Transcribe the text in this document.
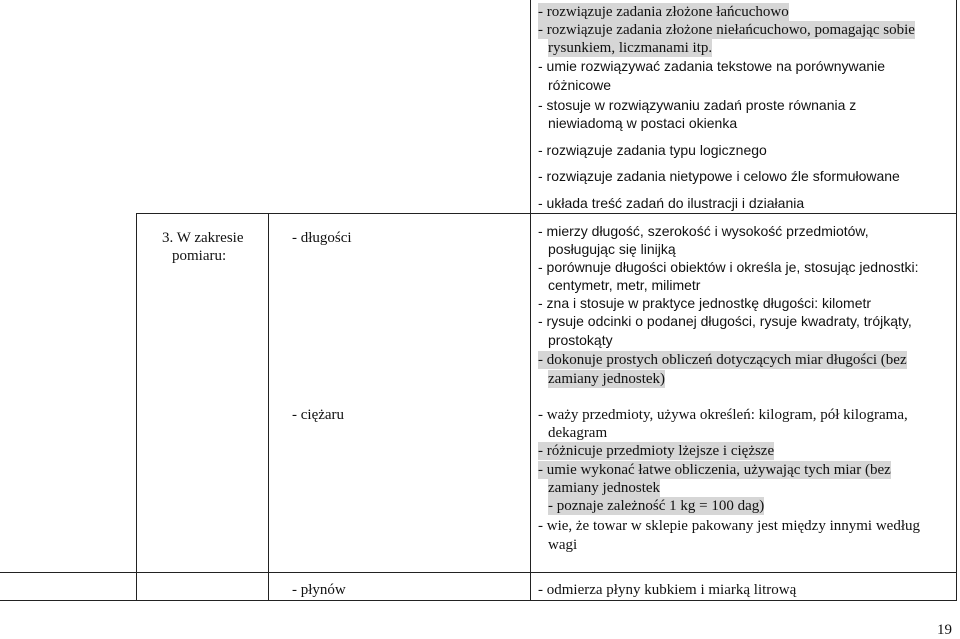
- rozwiązuje zadania złożone łańcuchowo
- rozwiązuje zadania złożone niełańcuchowo, pomagając sobie
rysunkiem, liczmanami itp.
- umie rozwiązywać zadania tekstowe na porównywanie
różnicowe
- stosuje w rozwiązywaniu zadań proste równania z
niewiadomą w postaci okienka
- rozwiązuje zadania typu logicznego
- rozwiązuje zadania nietypowe i celowo źle sformułowane
- układa treść zadań do ilustracji i działania
3. W zakresie
pomiaru:
- długości	- mierzy długość, szerokość i wysokość przedmiotów,
posługując się linijką
- porównuje długości obiektów i określa je, stosując jednostki:
centymetr, metr, milimetr
- zna i stosuje w praktyce jednostkę długości: kilometr
- rysuje odcinki o podanej długości, rysuje kwadraty, trójkąty,
prostokąty
- dokonuje prostych obliczeń dotyczących miar długości (bez
zamiany jednostek)
- ciężaru	- waży przedmioty, używa określeń: kilogram, pół kilograma,
dekagram
- różnicuje przedmioty lżejsze i cięższe
- umie wykonać łatwe obliczenia, używając tych miar (bez
zamiany jednostek
- poznaje zależność 1 kg = 100 dag)
- wie, że towar w sklepie pakowany jest między innymi według
wagi
- płynów	- odmierza płyny kubkiem i miarką litrową
19
